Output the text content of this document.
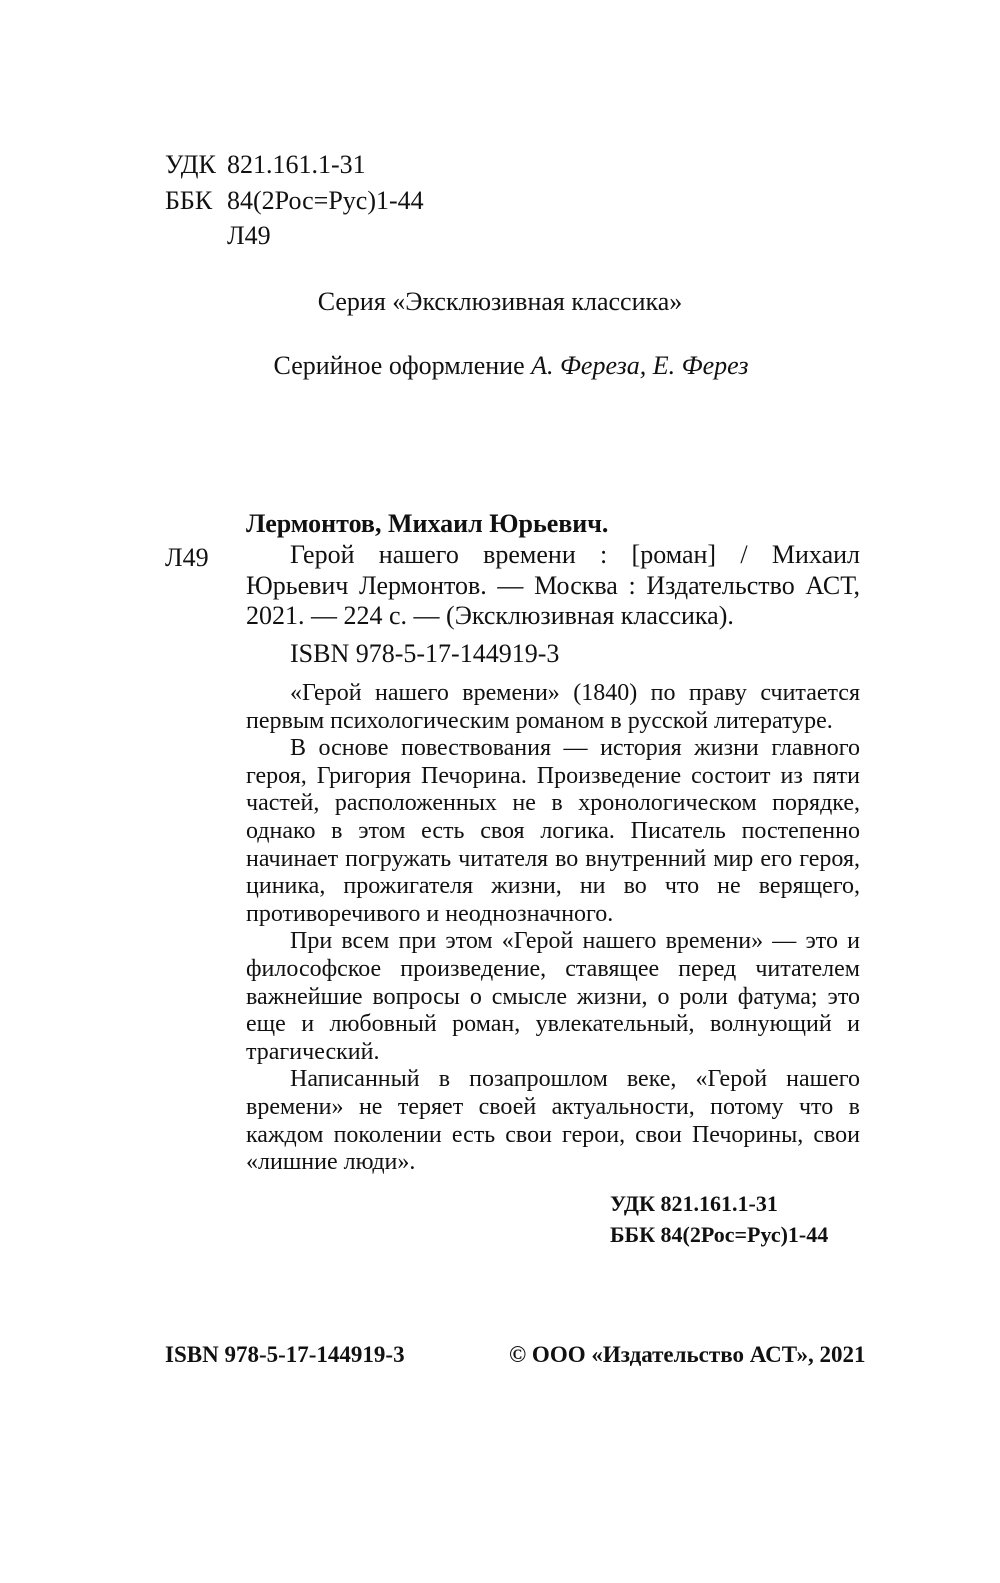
УДК 821.161.1-31
ББК 84(2Рос=Рус)1-44
Л49
Серия «Эксклюзивная классика»
Серийное оформление А. Фереза, Е. Ферез
Лермонтов, Михаил Юрьевич.
Л49	Герой нашего времени : [роман] / Михаил Юрьевич Лермонтов. — Москва : Издательство АСТ, 2021. — 224 с. — (Эксклюзивная классика).

ISBN 978-5-17-144919-3

«Герой нашего времени» (1840) по праву считается первым психологическим романом в русской литературе.

В основе повествования — история жизни главного героя, Григория Печорина. Произведение состоит из пяти частей, расположенных не в хронологическом порядке, однако в этом есть своя логика. Писатель постепенно начинает погружать читателя во внутренний мир его героя, циника, прожигателя жизни, ни во что не верящего, противоречивого и неоднозначного.

При всем при этом «Герой нашего времени» — это и философское произведение, ставящее перед читателем важнейшие вопросы о смысле жизни, о роли фатума; это еще и любовный роман, увлекательный, волнующий и трагический.

Написанный в позапрошлом веке, «Герой нашего времени» не теряет своей актуальности, потому что в каждом поколении есть свои герои, свои Печорины, свои «лишние люди».

УДК 821.161.1-31
ББК 84(2Рос=Рус)1-44
ISBN 978-5-17-144919-3	© ООО «Издательство АСТ», 2021
